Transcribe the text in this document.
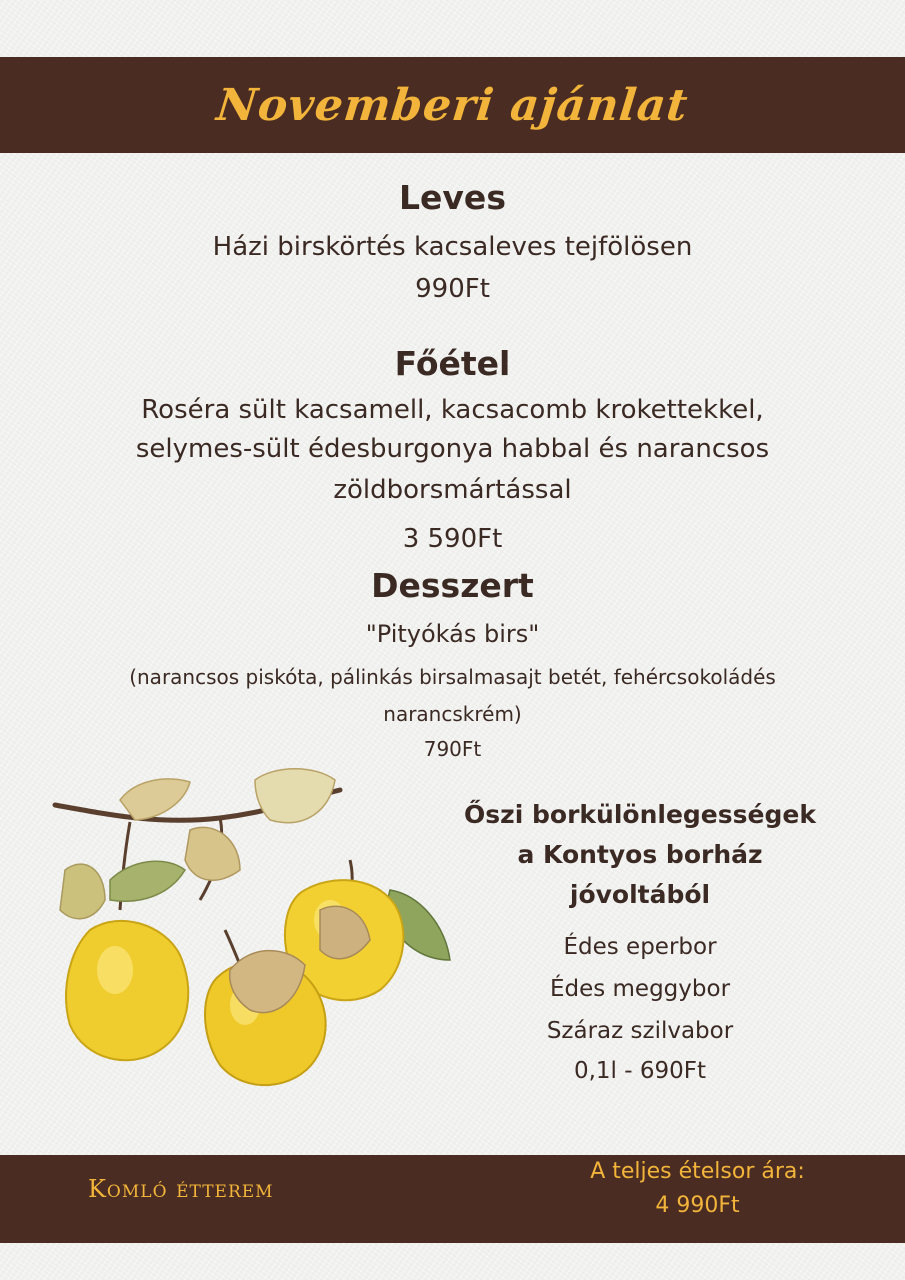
Novemberi ajánlat
Leves
Házi birskörtés kacsaleves tejfölösen
990Ft
Főétel
Roséra sült kacsamell, kacsacomb krokettekkel,
selymes-sült édesburgonya habbal és narancsos
zöldborsmártással
3 590Ft
Desszert
"Pityókás birs"
(narancsos piskóta, pálinkás birsalmasajt betét, fehércsokoládés
narancskrém)
790Ft
Őszi borkülönlegességek
a Kontyos borház
jóvoltából
Édes eperbor
Édes meggybor
Száraz szilvabor
0,1l - 690Ft
Komló étterem
A teljes ételsor ára:
4 990Ft
